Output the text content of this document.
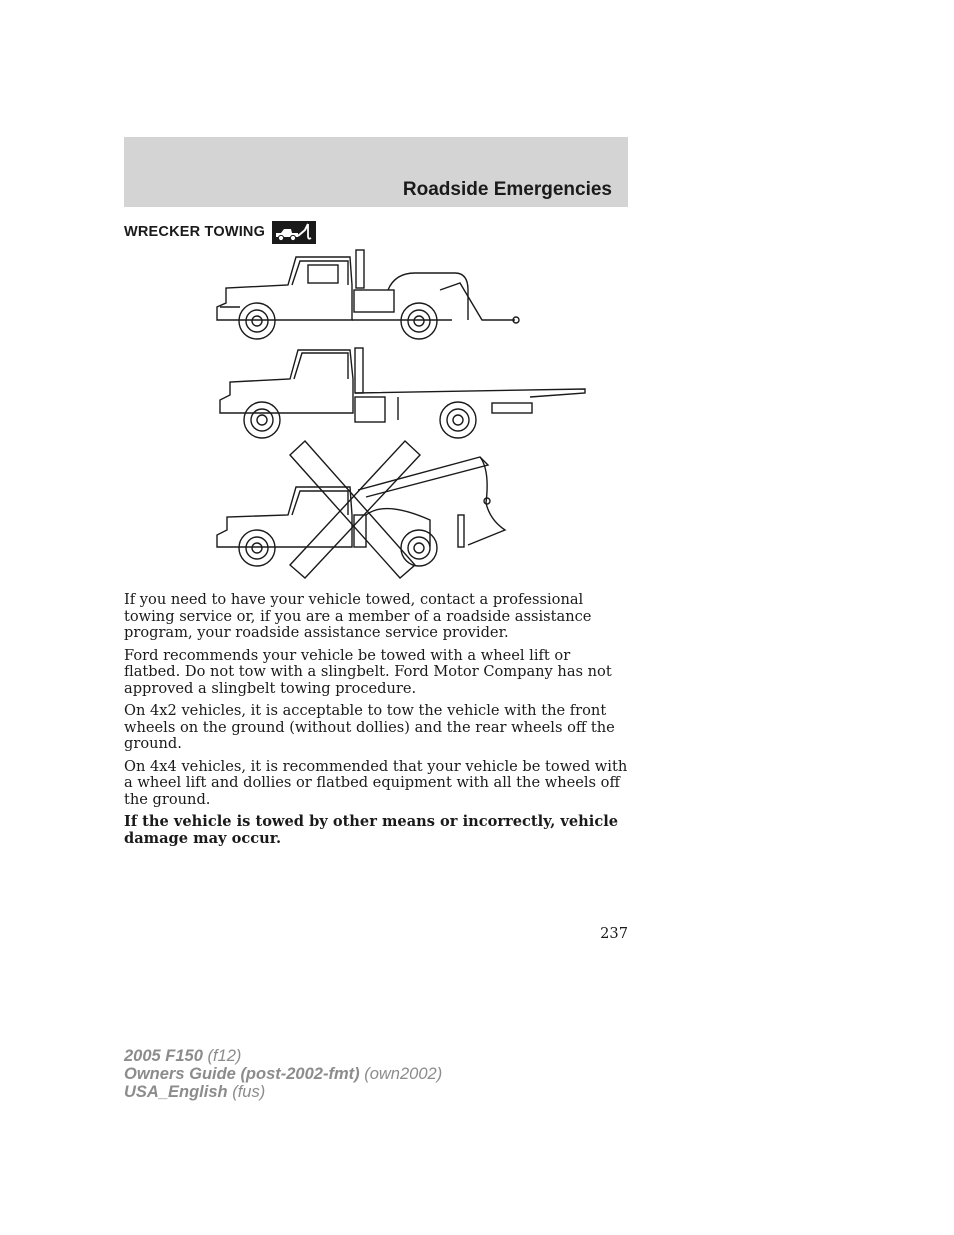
Roadside Emergencies
WRECKER TOWING

If you need to have your vehicle towed, contact a professional towing service or, if you are a member of a roadside assistance program, your roadside assistance service provider.

Ford recommends your vehicle be towed with a wheel lift or flatbed. Do not tow with a slingbelt. Ford Motor Company has not approved a slingbelt towing procedure.

On 4x2 vehicles, it is acceptable to tow the vehicle with the front wheels on the ground (without dollies) and the rear wheels off the ground.

On 4x4 vehicles, it is recommended that your vehicle be towed with a wheel lift and dollies or flatbed equipment with all the wheels off the ground.

If the vehicle is towed by other means or incorrectly, vehicle damage may occur.

237
2005 F150 (f12)
Owners Guide (post-2002-fmt) (own2002)
USA_English (fus)
